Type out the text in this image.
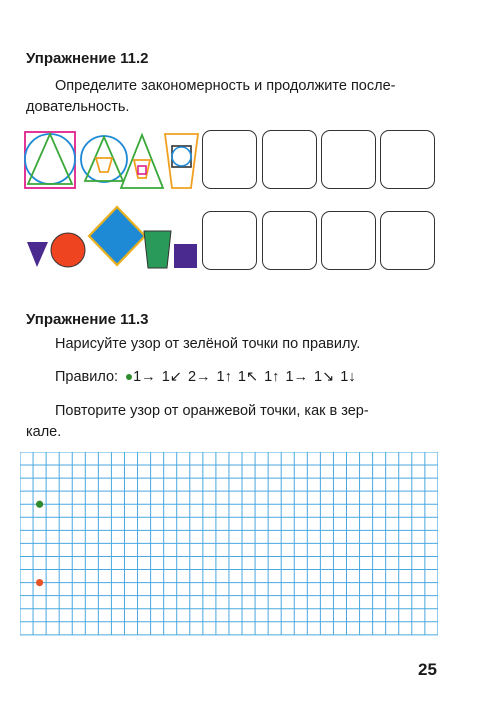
Упражнение 11.2
Определите закономерность и продолжите после-
довательность.
Упражнение 11.3
Нарисуйте узор от зелёной точки по правилу.
Правило: 1→ 1↙ 2→ 1↑ 1↖ 1↑ 1→ 1↘ 1↓
Повторите узор от оранжевой точки, как в зер-
кале.
25
